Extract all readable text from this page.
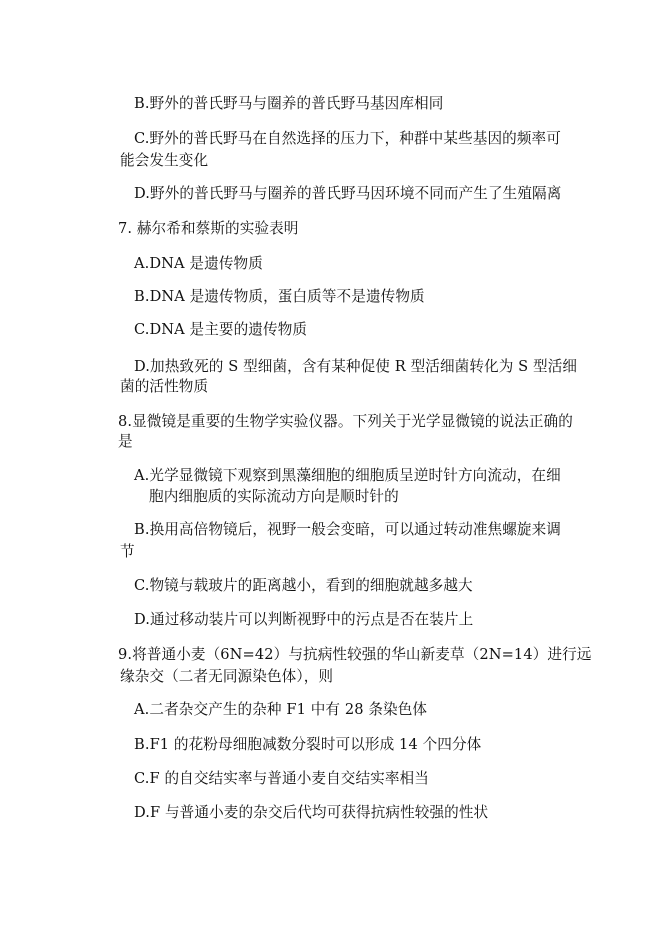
B.野外的普氏野马与圈养的普氏野马基因库相同
C.野外的普氏野马在自然选择的压力下，种群中某些基因的频率可
能会发生变化
D.野外的普氏野马与圈养的普氏野马因环境不同而产生了生殖隔离
7. 赫尔希和蔡斯的实验表明
A.DNA 是遗传物质
B.DNA 是遗传物质，蛋白质等不是遗传物质
C.DNA 是主要的遗传物质
D.加热致死的 S 型细菌，含有某种促使 R 型活细菌转化为 S 型活细
菌的活性物质
8.显微镜是重要的生物学实验仪器。下列关于光学显微镜的说法正确的
是
A.光学显微镜下观察到黑藻细胞的细胞质呈逆时针方向流动，在细
胞内细胞质的实际流动方向是顺时针的
B.换用高倍物镜后，视野一般会变暗，可以通过转动准焦螺旋来调
节
C.物镜与载玻片的距离越小，看到的细胞就越多越大
D.通过移动装片可以判断视野中的污点是否在装片上
9.将普通小麦（6N=42）与抗病性较强的华山新麦草（2N=14）进行远
缘杂交（二者无同源染色体），则
A.二者杂交产生的杂种 F1 中有 28 条染色体
B.F1 的花粉母细胞减数分裂时可以形成 14 个四分体
C.F 的自交结实率与普通小麦自交结实率相当
D.F 与普通小麦的杂交后代均可获得抗病性较强的性状
